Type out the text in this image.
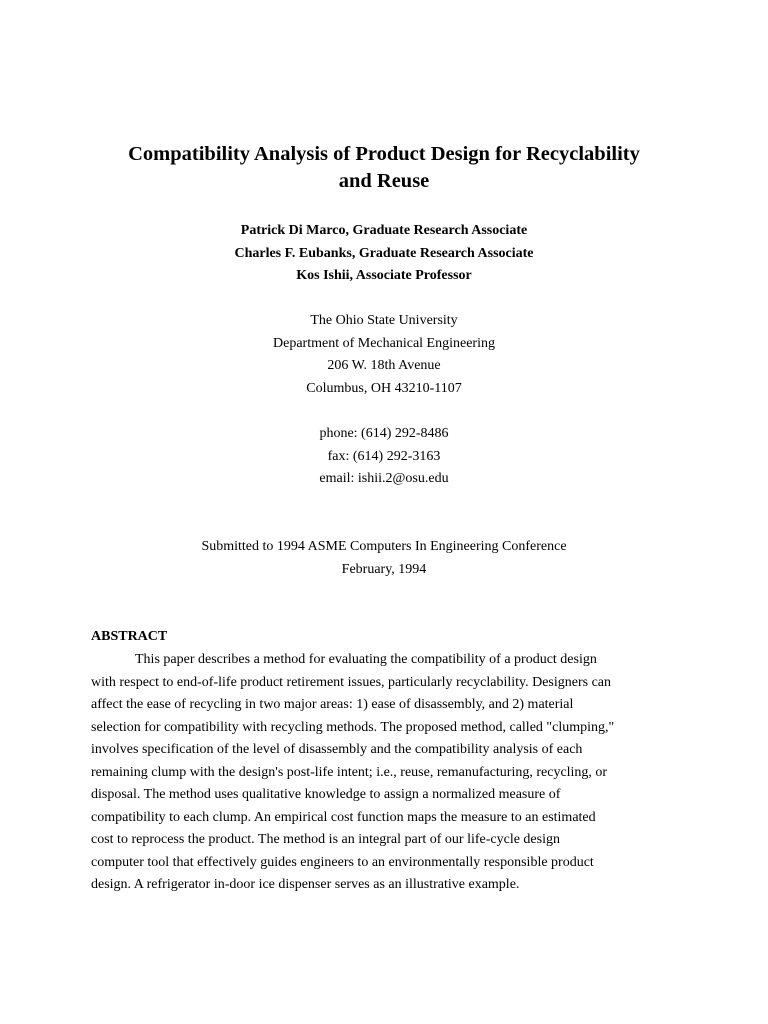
Compatibility Analysis of Product Design for Recyclability
and Reuse
Patrick Di Marco, Graduate Research Associate
Charles F. Eubanks, Graduate Research Associate
Kos Ishii, Associate Professor
The Ohio State University
Department of Mechanical Engineering
206 W. 18th Avenue
Columbus, OH 43210-1107
phone: (614) 292-8486
fax: (614) 292-3163
email: ishii.2@osu.edu
Submitted to 1994 ASME Computers In Engineering Conference
February, 1994
ABSTRACT
This paper describes a method for evaluating the compatibility of a product design
with respect to end-of-life product retirement issues, particularly recyclability. Designers can
affect the ease of recycling in two major areas: 1) ease of disassembly, and 2) material
selection for compatibility with recycling methods. The proposed method, called "clumping,"
involves specification of the level of disassembly and the compatibility analysis of each
remaining clump with the design's post-life intent; i.e., reuse, remanufacturing, recycling, or
disposal. The method uses qualitative knowledge to assign a normalized measure of
compatibility to each clump. An empirical cost function maps the measure to an estimated
cost to reprocess the product. The method is an integral part of our life-cycle design
computer tool that effectively guides engineers to an environmentally responsible product
design. A refrigerator in-door ice dispenser serves as an illustrative example.
